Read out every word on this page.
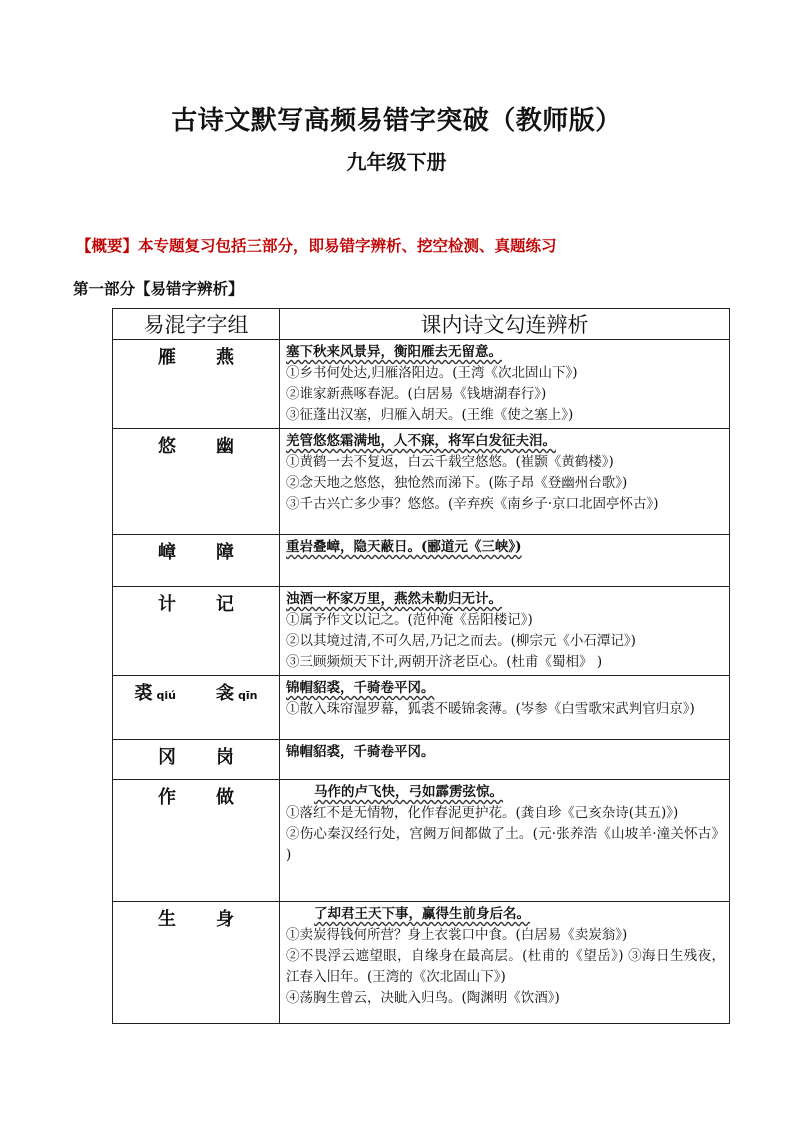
古诗文默写高频易错字突破（教师版）
九年级下册
【概要】本专题复习包括三部分，即易错字辨析、挖空检测、真题练习
第一部分【易错字辨析】
易混字字组	课内诗文勾连辨析

雁 燕	塞下秋来风景异，衡阳雁去无留意。
①乡书何处达,归雁洛阳边。(王湾《次北固山下》)
②谁家新燕啄春泥。(白居易《钱塘湖春行》)
③征蓬出汉塞，归雁入胡天。(王维《使之塞上》)

悠 幽	羌管悠悠霜满地，人不寐，将军白发征夫泪。
①黄鹤一去不复返，白云千载空悠悠。(崔颢《黄鹤楼》)
②念天地之悠悠，独怆然而涕下。(陈子昂《登幽州台歌》)
③千古兴亡多少事？悠悠。(辛弃疾《南乡子·京口北固亭怀古》)

嶂 障	重岩叠嶂，隐天蔽日。(郦道元《三峡》)

计 记	浊酒一杯家万里，燕然未勒归无计。
①属予作文以记之。(范仲淹《岳阳楼记》)
②以其境过清,不可久居,乃记之而去。(柳宗元《小石潭记》)
③三顾频烦天下计,两朝开济老臣心。(杜甫《蜀相》 )

裘 qiú 衾 qīn	锦帽貂裘，千骑卷平冈。
①散入珠帘湿罗幕，狐裘不暖锦衾薄。(岑参《白雪歌宋武判官归京》)

冈 岗	锦帽貂裘，千骑卷平冈。

作 做	马作的卢飞快，弓如霹雳弦惊。
①落红不是无情物，化作春泥更护花。(龚自珍《己亥杂诗(其五)》)
②伤心秦汉经行处，宫阙万间都做了土。(元·张养浩《山坡羊·潼关怀古》 )

生 身	了却君王天下事，赢得生前身后名。
①卖炭得钱何所营？身上衣裳口中食。(白居易《卖炭翁》)
②不畏浮云遮望眼，自缘身在最高层。(杜甫的《望岳》) ③海日生残夜，江春入旧年。(王湾的《次北固山下》)
④荡胸生曾云，决眦入归鸟。(陶渊明《饮酒》)
